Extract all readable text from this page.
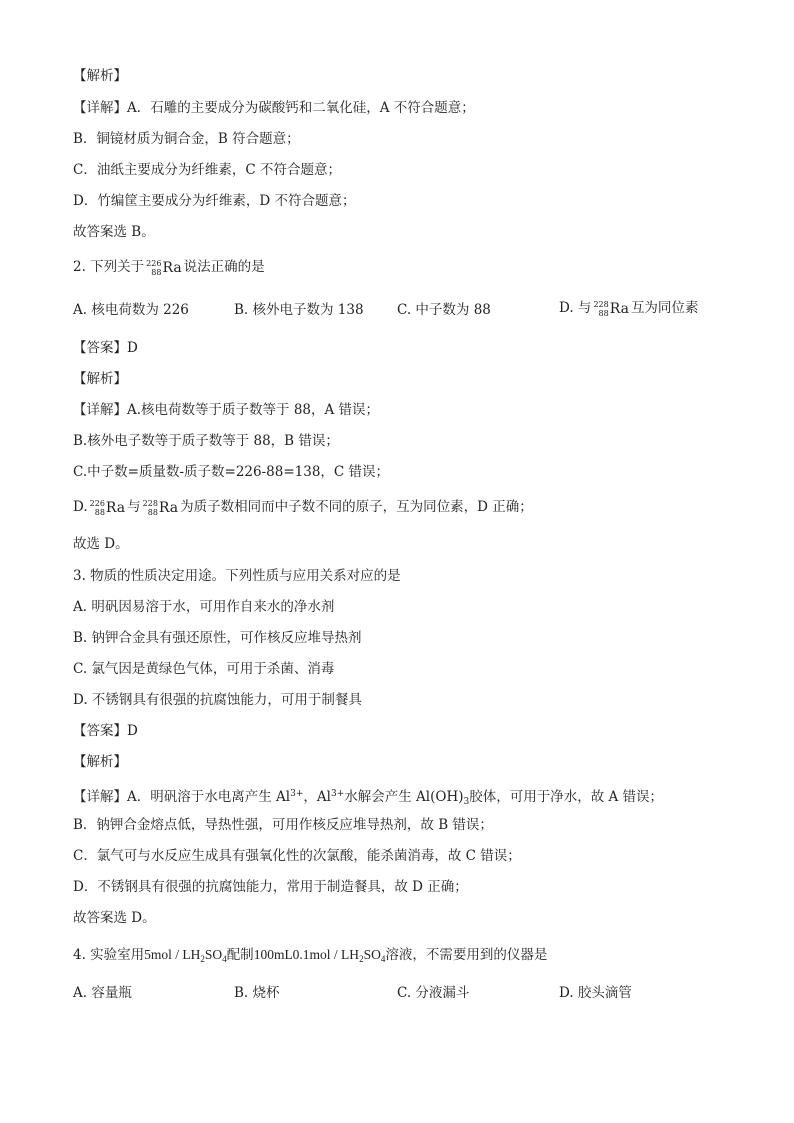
【解析】
【详解】A．石雕的主要成分为碳酸钙和二氧化硅，A 不符合题意；
B．铜镜材质为铜合金，B 符合题意；
C．油纸主要成分为纤维素，C 不符合题意；
D．竹编筐主要成分为纤维素，D 不符合题意；
故答案选 B。
2. 下列关于 226
88 Ra 说法正确的是
A. 核电荷数为 226	B. 核外电子数为 138 C. 中子数为 88	D. 与 228
88 Ra 互为同位素
【答案】D
【解析】
【详解】A.核电荷数等于质子数等于 88，A 错误；
B.核外电子数等于质子数等于 88，B 错误；
C.中子数=质量数-质子数=226-88=138，C 错误；
D. 226
88 Ra 与 228
88 Ra 为质子数相同而中子数不同的原子，互为同位素，D 正确；
故选 D。
3. 物质的性质决定用途。下列性质与应用关系对应的是
A. 明矾因易溶于水，可用作自来水的净水剂
B. 钠钾合金具有强还原性，可作核反应堆导热剂
C. 氯气因是黄绿色气体，可用于杀菌、消毒
D. 不锈钢具有很强的抗腐蚀能力，可用于制餐具
【答案】D
【解析】
【详解】A．明矾溶于水电离产生 $Al^{3+}$，$Al^{3+}$水解会产生 $Al(OH)_3$胶体，可用于净水，故 A 错误；
B．钠钾合金熔点低，导热性强，可用作核反应堆导热剂，故 B 错误；
C．氯气可与水反应生成具有强氧化性的次氯酸，能杀菌消毒，故 C 错误；
D．不锈钢具有很强的抗腐蚀能力，常用于制造餐具，故 D 正确；
故答案选 D。
4. 实验室用$5mol / LH_2SO_4$配制$100mL0.1mol / LH_2SO_4$溶液，不需要用到的仪器是
A. 容量瓶	B. 烧杯	C. 分液漏斗	D. 胶头滴管
